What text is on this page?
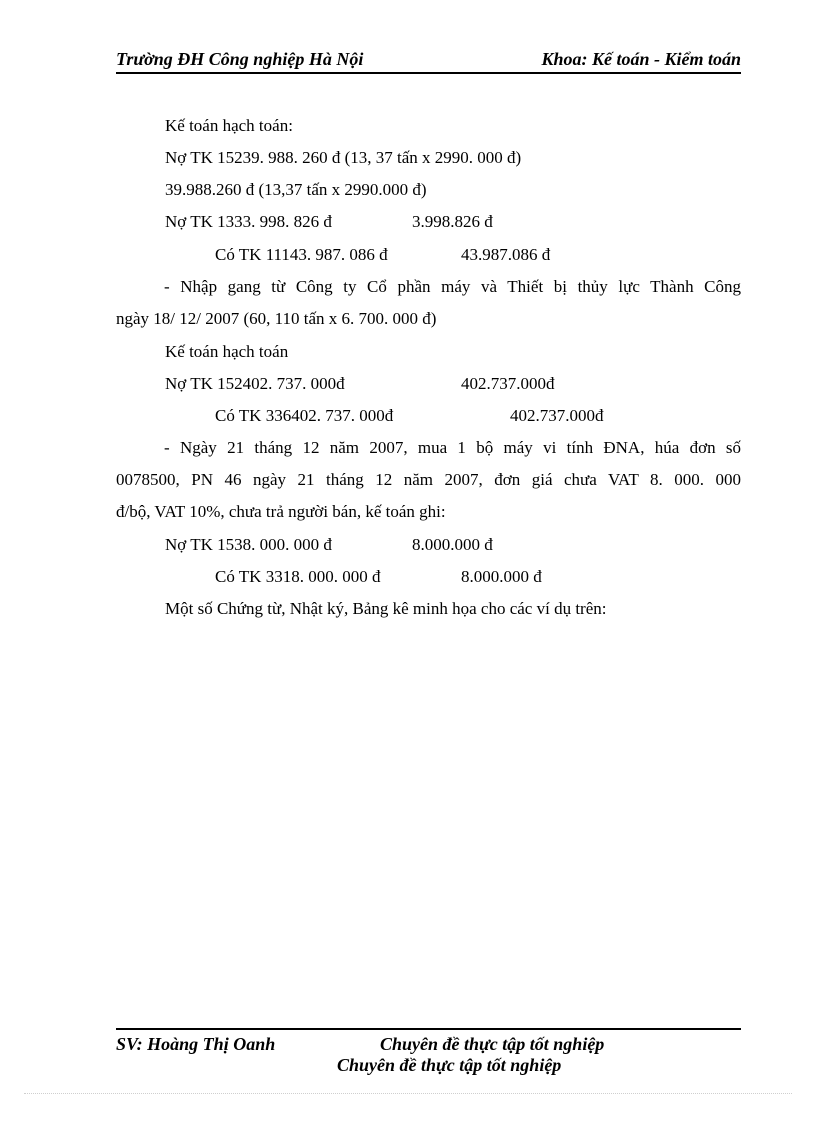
Trường ĐH Công nghiệp Hà Nội	Khoa: Kế toán - Kiểm toán
Kế toán hạch toán:
Nợ TK 15239. 988. 260 đ (13, 37 tấn x 2990. 000 đ)
39.988.260 đ (13,37 tấn x 2990.000 đ)
Nợ TK 1333. 998. 826 đ	3.998.826 đ
Có TK 11143. 987. 086 đ	43.987.086 đ
- Nhập gang từ Công ty Cổ phần máy và Thiết bị thủy lực Thành Công
ngày 18/ 12/ 2007 (60, 110 tấn x 6. 700. 000 đ)
Kế toán hạch toán
Nợ TK 152402. 737. 000đ	402.737.000đ
Có TK 336402. 737. 000đ	402.737.000đ
- Ngày 21 tháng 12 năm 2007, mua 1 bộ máy vi tính ĐNA, húa đơn số
0078500, PN 46 ngày 21 tháng 12 năm 2007, đơn giá chưa VAT 8. 000. 000
đ/bộ, VAT 10%, chưa trả người bán, kế toán ghi:
Nợ TK 1538. 000. 000 đ	8.000.000 đ
Có TK 3318. 000. 000 đ	8.000.000 đ
Một số Chứng từ, Nhật ký, Bảng kê minh họa cho các ví dụ trên:
SV: Hoàng Thị Oanh	Chuyên đề thực tập tốt nghiệp
Chuyên đề thực tập tốt nghiệp
